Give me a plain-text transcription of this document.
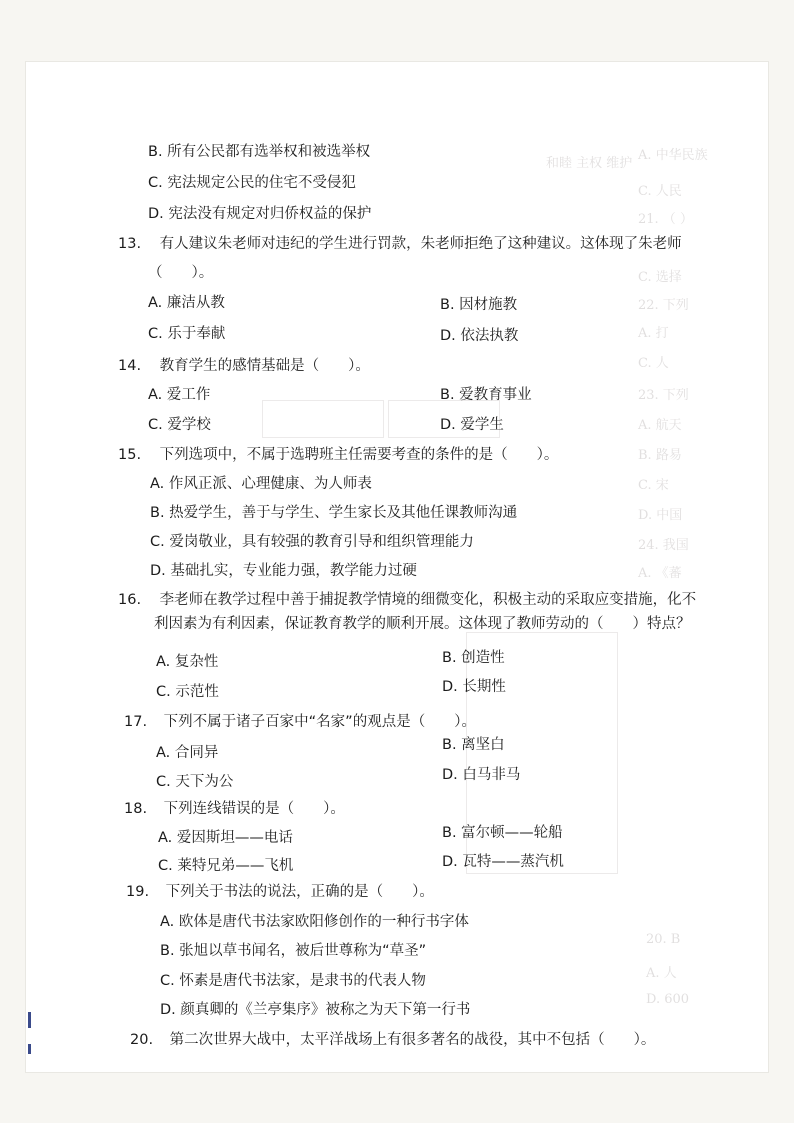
A. 中华民族
和睦 主权 维护
C. 人民
21. （ ）
C. 选择
22. 下列
A. 打
C. 人
23. 下列
A. 航天
B. 路易
C. 宋
D. 中国
24. 我国
A. 《蕃
20. B
A. 人
D. 600
B. 所有公民都有选举权和被选举权
C. 宪法规定公民的住宅不受侵犯
D. 宪法没有规定对归侨权益的保护
13. 有人建议朱老师对违纪的学生进行罚款，朱老师拒绝了这种建议。这体现了朱老师
（　　）。
A. 廉洁从教	B. 因材施教
C. 乐于奉献	D. 依法执教
14. 教育学生的感情基础是（　　）。
A. 爱工作	B. 爱教育事业
C. 爱学校	D. 爱学生
15. 下列选项中，不属于选聘班主任需要考查的条件的是（　　）。
A. 作风正派、心理健康、为人师表
B. 热爱学生，善于与学生、学生家长及其他任课教师沟通
C. 爱岗敬业，具有较强的教育引导和组织管理能力
D. 基础扎实，专业能力强，教学能力过硬
16. 李老师在教学过程中善于捕捉教学情境的细微变化，积极主动的采取应变措施，化不
利因素为有利因素，保证教育教学的顺利开展。这体现了教师劳动的（　　）特点？
A. 复杂性	B. 创造性
C. 示范性	D. 长期性
17. 下列不属于诸子百家中“名家”的观点是（　　）。
A. 合同异	B. 离坚白
C. 天下为公	D. 白马非马
18. 下列连线错误的是（　　）。
A. 爱因斯坦——电话	B. 富尔顿——轮船
C. 莱特兄弟——飞机	D. 瓦特——蒸汽机
19. 下列关于书法的说法，正确的是（　　）。
A. 欧体是唐代书法家欧阳修创作的一种行书字体
B. 张旭以草书闻名，被后世尊称为“草圣”
C. 怀素是唐代书法家，是隶书的代表人物
D. 颜真卿的《兰亭集序》被称之为天下第一行书
20. 第二次世界大战中，太平洋战场上有很多著名的战役，其中不包括（　　）。
